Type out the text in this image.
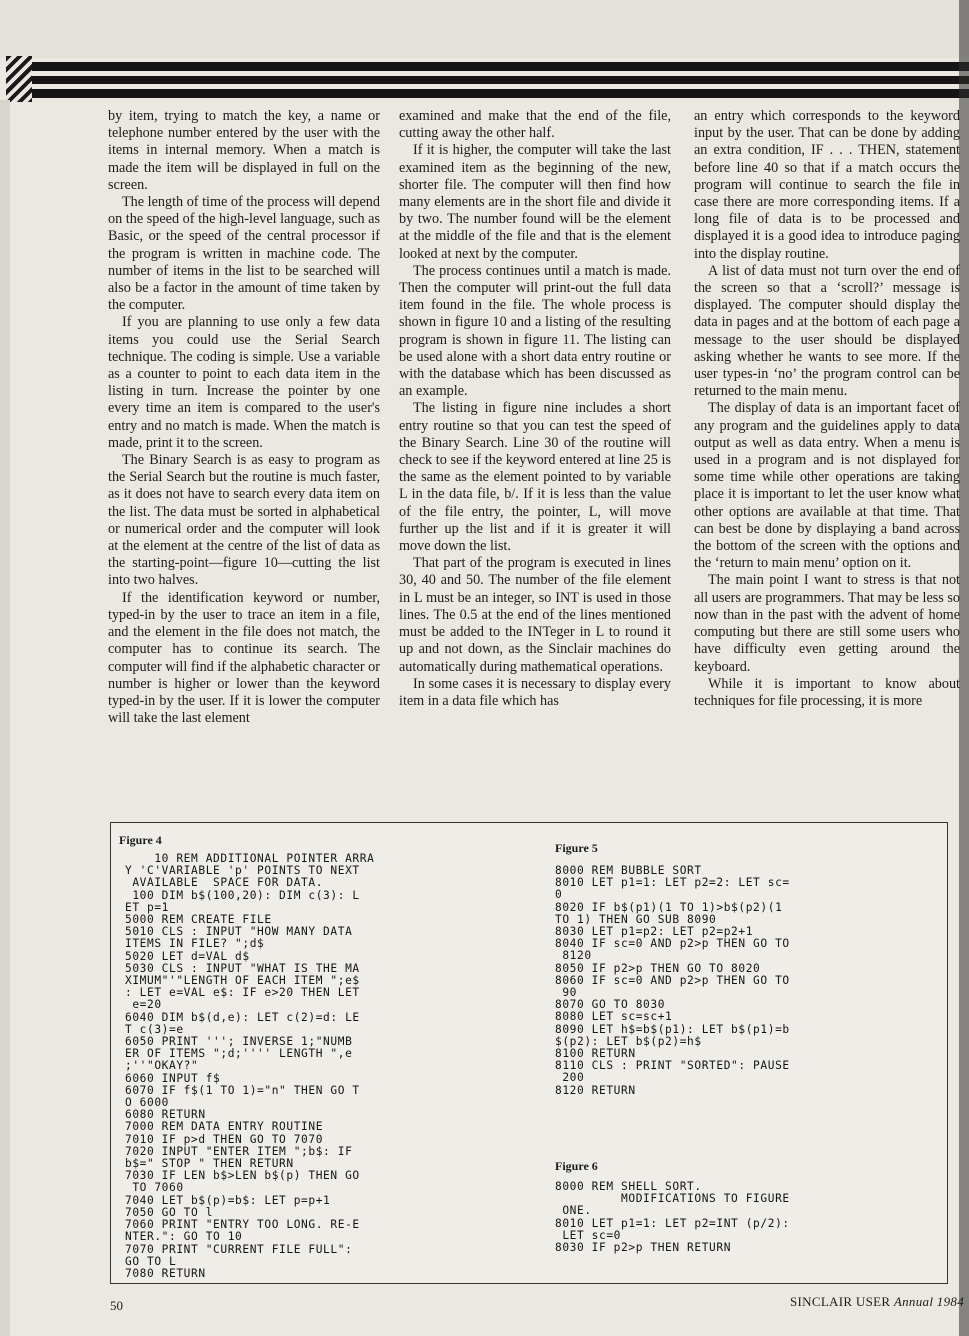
by item, trying to match the key, a name or telephone number entered by the user with the items in internal memory. When a match is made the item will be displayed in full on the screen.

The length of time of the process will depend on the speed of the high-level language, such as Basic, or the speed of the central processor if the program is written in machine code. The number of items in the list to be searched will also be a factor in the amount of time taken by the computer.

If you are planning to use only a few data items you could use the Serial Search technique. The coding is simple. Use a variable as a counter to point to each data item in the listing in turn. Increase the pointer by one every time an item is compared to the user's entry and no match is made. When the match is made, print it to the screen.

The Binary Search is as easy to program as the Serial Search but the routine is much faster, as it does not have to search every data item on the list. The data must be sorted in alphabetical or numerical order and the computer will look at the element at the centre of the list of data as the starting-point—figure 10—cutting the list into two halves.

If the identification keyword or number, typed-in by the user to trace an item in a file, and the element in the file does not match, the computer has to continue its search. The computer will find if the alphabetic character or number is higher or lower than the keyword typed-in by the user. If it is lower the computer will take the last element

examined and make that the end of the file, cutting away the other half.

If it is higher, the computer will take the last examined item as the beginning of the new, shorter file. The computer will then find how many elements are in the short file and divide it by two. The number found will be the element at the middle of the file and that is the element looked at next by the computer.

The process continues until a match is made. Then the computer will print-out the full data item found in the file. The whole process is shown in figure 10 and a listing of the resulting program is shown in figure 11. The listing can be used alone with a short data entry routine or with the database which has been discussed as an example.

The listing in figure nine includes a short entry routine so that you can test the speed of the Binary Search. Line 30 of the routine will check to see if the keyword entered at line 25 is the same as the element pointed to by variable L in the data file, b/. If it is less than the value of the file entry, the pointer, L, will move further up the list and if it is greater it will move down the list.

That part of the program is executed in lines 30, 40 and 50. The number of the file element in L must be an integer, so INT is used in those lines. The 0.5 at the end of the lines mentioned must be added to the INTeger in L to round it up and not down, as the Sinclair machines do automatically during mathematical operations.

In some cases it is necessary to display every item in a data file which has

an entry which corresponds to the keyword input by the user. That can be done by adding an extra condition, IF . . . THEN, statement before line 40 so that if a match occurs the program will continue to search the file in case there are more corresponding items. If a long file of data is to be processed and displayed it is a good idea to introduce paging into the display routine.

A list of data must not turn over the end of the screen so that a ‘scroll?’ message is displayed. The computer should display the data in pages and at the bottom of each page a message to the user should be displayed asking whether he wants to see more. If the user types-in ‘no’ the program control can be returned to the main menu.

The display of data is an important facet of any program and the guidelines apply to data output as well as data entry. When a menu is used in a program and is not displayed for some time while other operations are taking place it is important to let the user know what other options are available at that time. That can best be done by displaying a band across the bottom of the screen with the options and the ‘return to main menu’ option on it.

The main point I want to stress is that not all users are programmers. That may be less so now than in the past with the advent of home computing but there are still some users who have difficulty even getting around the keyboard.

While it is important to know about techniques for file processing, it is more

Figure 4
10 REM ADDITIONAL POINTER ARRA
Y 'C'VARIABLE 'p' POINTS TO NEXT
AVAILABLE  SPACE FOR DATA.
100 DIM b$(100,20): DIM c(3): L
ET p=1
5000 REM CREATE FILE
5010 CLS : INPUT "HOW MANY DATA
ITEMS IN FILE? ";d$
5020 LET d=VAL d$
5030 CLS : INPUT "WHAT IS THE MA
XIMUM"'"LENGTH OF EACH ITEM ";e$
: LET e=VAL e$: IF e>20 THEN LET
e=20
6040 DIM b$(d,e): LET c(2)=d: LE
T c(3)=e
6050 PRINT '''; INVERSE 1;"NUMB
ER OF ITEMS ";d;'''' LENGTH ",e
;''"OKAY?"
6060 INPUT f$
6070 IF f$(1 TO 1)="n" THEN GO T
O 6000
6080 RETURN
7000 REM DATA ENTRY ROUTINE
7010 IF p>d THEN GO TO 7070
7020 INPUT "ENTER ITEM ";b$: IF
b$=" STOP " THEN RETURN
7030 IF LEN b$>LEN b$(p) THEN GO
TO 7060
7040 LET b$(p)=b$: LET p=p+1
7050 GO TO l
7060 PRINT "ENTRY TOO LONG. RE-E
NTER.": GO TO 10
7070 PRINT "CURRENT FILE FULL":
GO TO L
7080 RETURN
Figure 5
8000 REM BUBBLE SORT
8010 LET p1=1: LET p2=2: LET sc=
0
8020 IF b$(p1)(1 TO 1)>b$(p2)(1
TO 1) THEN GO SUB 8090
8030 LET p1=p2: LET p2=p2+1
8040 IF sc=0 AND p2>p THEN GO TO
8120
8050 IF p2>p THEN GO TO 8020
8060 IF sc=0 AND p2>p THEN GO TO
90
8070 GO TO 8030
8080 LET sc=sc+1
8090 LET h$=b$(p1): LET b$(p1)=b
$(p2): LET b$(p2)=h$
8100 RETURN
8110 CLS : PRINT "SORTED": PAUSE
200
8120 RETURN
Figure 6
8000 REM SHELL SORT.
MODIFICATIONS TO FIGURE
ONE.
8010 LET p1=1: LET p2=INT (p/2):
LET sc=0
8030 IF p2>p THEN RETURN
50	SINCLAIR USER Annual 1984
